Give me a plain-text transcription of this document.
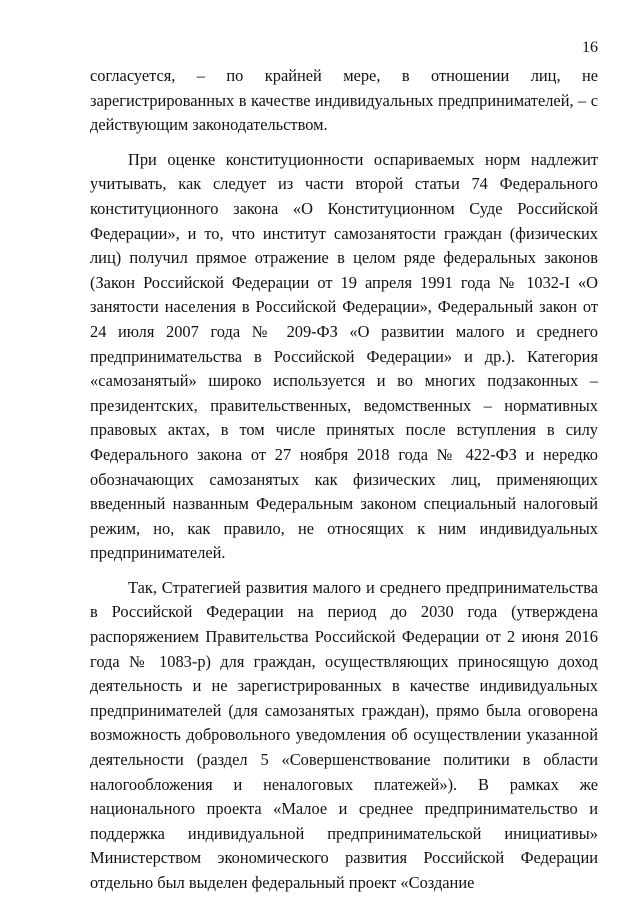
16

согласуется, – по крайней мере, в отношении лиц, не зарегистрированных в качестве индивидуальных предпринимателей, – с действующим законодательством.

При оценке конституционности оспариваемых норм надлежит учитывать, как следует из части второй статьи 74 Федерального конституционного закона «О Конституционном Суде Российской Федерации», и то, что институт самозанятости граждан (физических лиц) получил прямое отражение в целом ряде федеральных законов (Закон Российской Федерации от 19 апреля 1991 года № 1032-I «О занятости населения в Российской Федерации», Федеральный закон от 24 июля 2007 года № 209-ФЗ «О развитии малого и среднего предпринимательства в Российской Федерации» и др.). Категория «самозанятый» широко используется и во многих подзаконных – президентских, правительственных, ведомственных – нормативных правовых актах, в том числе принятых после вступления в силу Федерального закона от 27 ноября 2018 года № 422-ФЗ и нередко обозначающих самозанятых как физических лиц, применяющих введенный названным Федеральным законом специальный налоговый режим, но, как правило, не относящих к ним индивидуальных предпринимателей.

Так, Стратегией развития малого и среднего предпринимательства в Российской Федерации на период до 2030 года (утверждена распоряжением Правительства Российской Федерации от 2 июня 2016 года № 1083-р) для граждан, осуществляющих приносящую доход деятельность и не зарегистрированных в качестве индивидуальных предпринимателей (для самозанятых граждан), прямо была оговорена возможность добровольного уведомления об осуществлении указанной деятельности (раздел 5 «Совершенствование политики в области налогообложения и неналоговых платежей»). В рамках же национального проекта «Малое и среднее предпринимательство и поддержка индивидуальной предпринимательской инициативы» Министерством экономического развития Российской Федерации отдельно был выделен федеральный проект «Создание
